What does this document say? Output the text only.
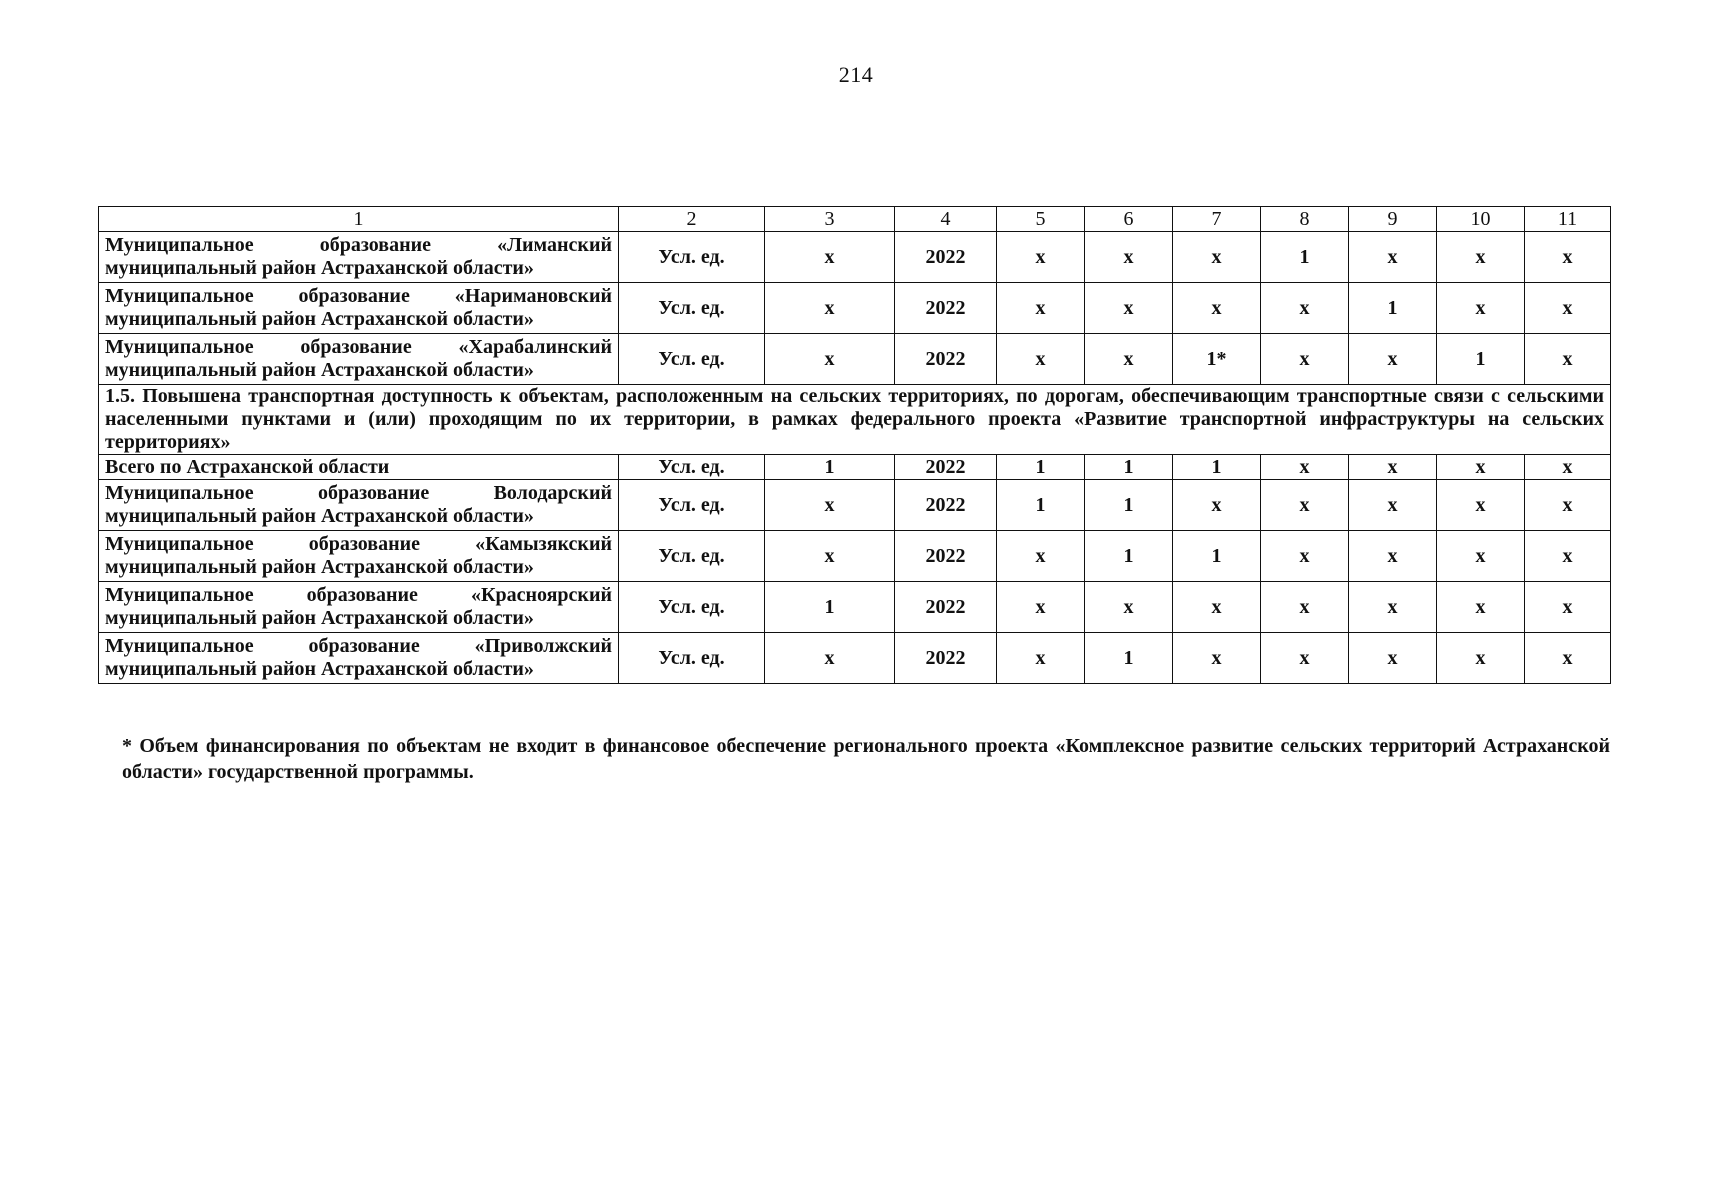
214
1	2	3	4	5	6	7	8	9	10	11
Муниципальное образование «Лиманский муниципальный район Астраханской области»	Усл. ед.	х	2022	х	х	х	1	х	х	х
Муниципальное образование «Наримановский муниципальный район Астраханской области»	Усл. ед.	х	2022	х	х	х	х	1	х	х
Муниципальное образование «Харабалинский муниципальный район Астраханской области»	Усл. ед.	х	2022	х	х	1*	х	х	1	х
1.5. Повышена транспортная доступность к объектам, расположенным на сельских территориях, по дорогам, обеспечивающим транспортные связи с сельскими населенными пунктами и (или) проходящим по их территории, в рамках федерального проекта «Развитие транспортной инфраструктуры на сельских территориях»										
Всего по Астраханской области	Усл. ед.	1	2022	1	1	1	х	х	х	х
Муниципальное образование Володарский муниципальный район Астраханской области»	Усл. ед.	х	2022	1	1	х	х	х	х	х
Муниципальное образование «Камызякский муниципальный район Астраханской области»	Усл. ед.	х	2022	х	1	1	х	х	х	х
Муниципальное образование «Красноярский муниципальный район Астраханской области»	Усл. ед.	1	2022	х	х	х	х	х	х	х
Муниципальное образование «Приволжский муниципальный район Астраханской области»	Усл. ед.	х	2022	х	1	х	х	х	х	х
* Объем финансирования по объектам не входит в финансовое обеспечение регионального проекта «Комплексное развитие сельских территорий Астраханской области» государственной программы.
